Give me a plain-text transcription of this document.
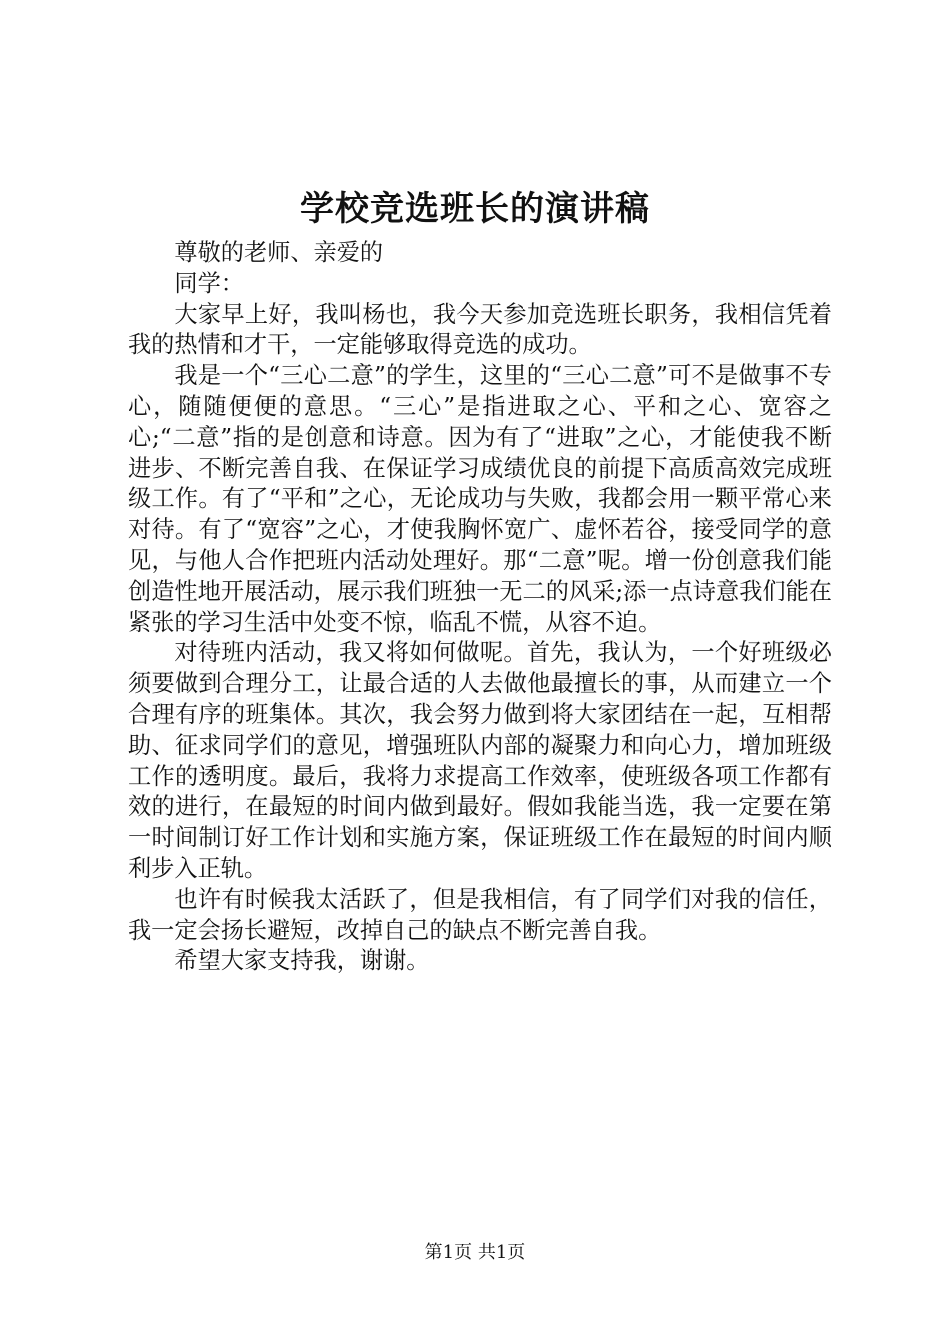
学校竞选班长的演讲稿

尊敬的老师、亲爱的

同学：

大家早上好，我叫杨也，我今天参加竞选班长职务，我相信凭着我的热情和才干，一定能够取得竞选的成功。

我是一个“三心二意”的学生，这里的“三心二意”可不是做事不专心，随随便便的意思。“三心”是指进取之心、平和之心、宽容之心;“二意”指的是创意和诗意。因为有了“进取”之心，才能使我不断进步、不断完善自我、在保证学习成绩优良的前提下高质高效完成班级工作。有了“平和”之心，无论成功与失败，我都会用一颗平常心来对待。有了“宽容”之心，才使我胸怀宽广、虚怀若谷，接受同学的意见，与他人合作把班内活动处理好。那“二意”呢。增一份创意我们能创造性地开展活动，展示我们班独一无二的风采;添一点诗意我们能在紧张的学习生活中处变不惊，临乱不慌，从容不迫。

对待班内活动，我又将如何做呢。首先，我认为，一个好班级必须要做到合理分工，让最合适的人去做他最擅长的事，从而建立一个合理有序的班集体。其次，我会努力做到将大家团结在一起，互相帮助、征求同学们的意见，增强班队内部的凝聚力和向心力，增加班级工作的透明度。最后，我将力求提高工作效率，使班级各项工作都有效的进行，在最短的时间内做到最好。假如我能当选，我一定要在第一时间制订好工作计划和实施方案，保证班级工作在最短的时间内顺利步入正轨。

也许有时候我太活跃了，但是我相信，有了同学们对我的信任，我一定会扬长避短，改掉自己的缺点不断完善自我。

希望大家支持我，谢谢。

第1页 共1页
